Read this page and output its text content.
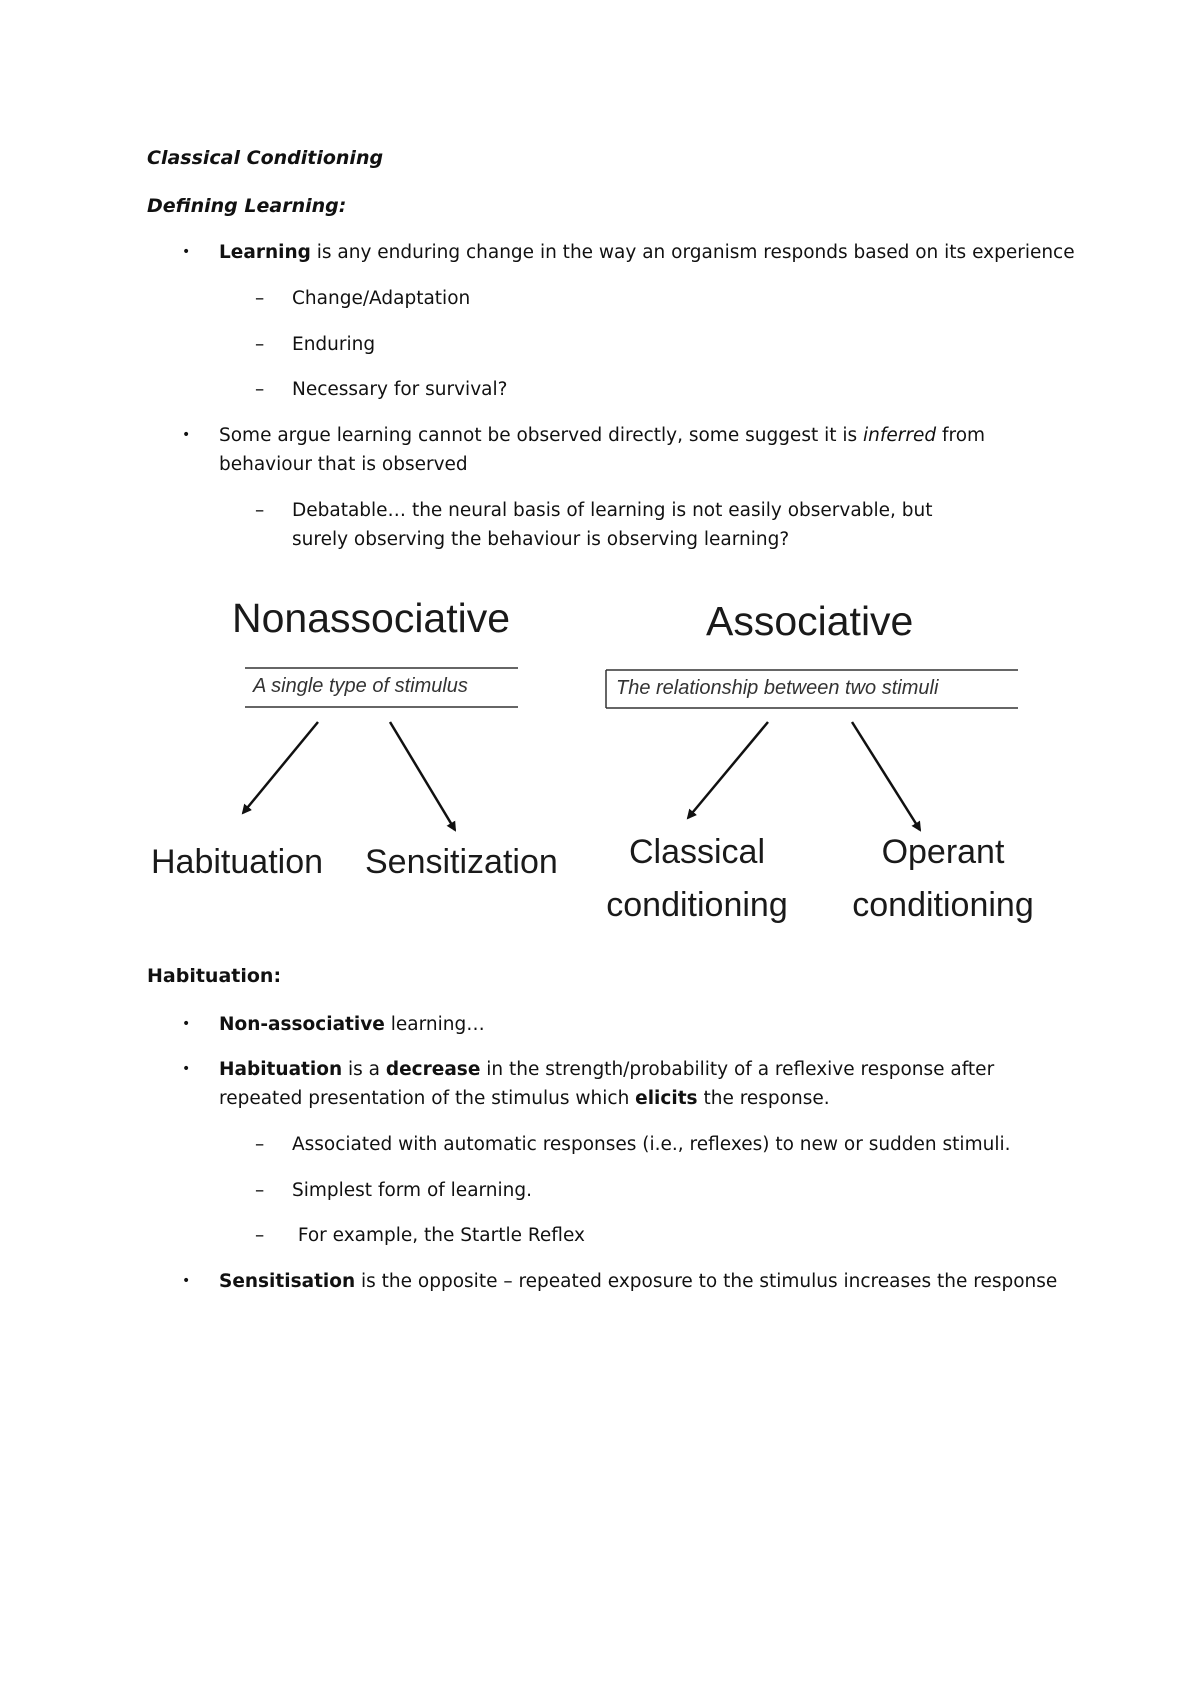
Classical Conditioning
Defining Learning:
•	Learning is any enduring change in the way an organism responds based on its experience
–	Change/Adaptation
–	Enduring
–	Necessary for survival?
•	Some argue learning cannot be observed directly, some suggest it is inferred from behaviour that is observed
–	Debatable… the neural basis of learning is not easily observable, but surely observing the behaviour is observing learning?
Nonassociative
A single type of stimulus
Habituation Sensitization
Associative
The relationship between two stimuli
Classical
conditioning
Operant
conditioning
Habituation:
•	Non-associative learning…
•	Habituation is a decrease in the strength/probability of a reflexive response after repeated presentation of the stimulus which elicits the response.
–	Associated with automatic responses (i.e., reflexes) to new or sudden stimuli.
–	Simplest form of learning.
–	For example, the Startle Reflex
•	Sensitisation is the opposite – repeated exposure to the stimulus increases the response
